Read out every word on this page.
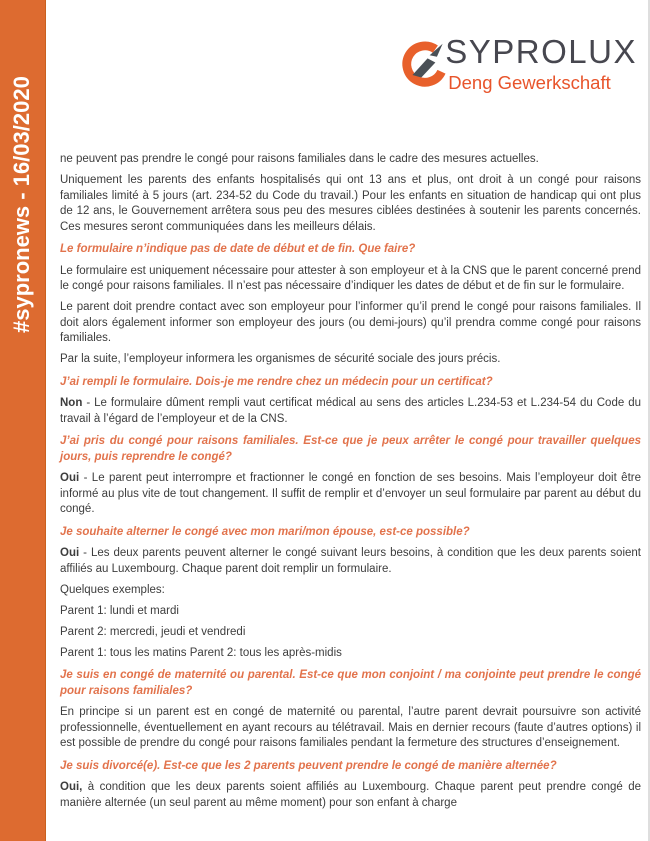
#sypronews - 16/03/2020
SYPROLUX
Deng Gewerkschaft

ne peuvent pas prendre le congé pour raisons familiales dans le cadre des mesures actuelles.

Uniquement les parents des enfants hospitalisés qui ont 13 ans et plus, ont droit à un congé pour raisons familiales limité à 5 jours (art. 234-52 du Code du travail.) Pour les enfants en situation de handicap qui ont plus de 12 ans, le Gouvernement arrêtera sous peu des mesures ciblées destinées à soutenir les parents concernés. Ces mesures seront communiquées dans les meilleurs délais.

Le formulaire n’indique pas de date de début et de fin. Que faire?

Le formulaire est uniquement nécessaire pour attester à son employeur et à la CNS que le parent concerné prend le congé pour raisons familiales. Il n’est pas nécessaire d’indiquer les dates de début et de fin sur le formulaire.

Le parent doit prendre contact avec son employeur pour l’informer qu’il prend le congé pour raisons familiales. Il doit alors également informer son employeur des jours (ou demi-jours) qu’il prendra comme congé pour raisons familiales.

Par la suite, l’employeur informera les organismes de sécurité sociale des jours précis.

J’ai rempli le formulaire. Dois-je me rendre chez un médecin pour un certificat?

Non - Le formulaire dûment rempli vaut certificat médical au sens des articles L.234-53 et L.234-54 du Code du travail à l’égard de l’employeur et de la CNS.

J’ai pris du congé pour raisons familiales. Est-ce que je peux arrêter le congé pour travailler quelques jours, puis reprendre le congé?

Oui - Le parent peut interrompre et fractionner le congé en fonction de ses besoins. Mais l’employeur doit être informé au plus vite de tout changement. Il suffit de remplir et d’envoyer un seul formulaire par parent au début du congé.

Je souhaite alterner le congé avec mon mari/mon épouse, est-ce possible?

Oui - Les deux parents peuvent alterner le congé suivant leurs besoins, à condition que les deux parents soient affiliés au Luxembourg. Chaque parent doit remplir un formulaire.

Quelques exemples:

Parent 1: lundi et mardi

Parent 2: mercredi, jeudi et vendredi

Parent 1: tous les matins Parent 2: tous les après-midis

Je suis en congé de maternité ou parental. Est-ce que mon conjoint / ma conjointe peut prendre le congé pour raisons familiales?

En principe si un parent est en congé de maternité ou parental, l’autre parent devrait poursuivre son activité professionnelle, éventuellement en ayant recours au télétravail. Mais en dernier recours (faute d’autres options) il est possible de prendre du congé pour raisons familiales pendant la fermeture des structures d’enseignement.

Je suis divorcé(e). Est-ce que les 2 parents peuvent prendre le congé de manière alternée?

Oui, à condition que les deux parents soient affiliés au Luxembourg. Chaque parent peut prendre congé de manière alternée (un seul parent au même moment) pour son enfant à charge
